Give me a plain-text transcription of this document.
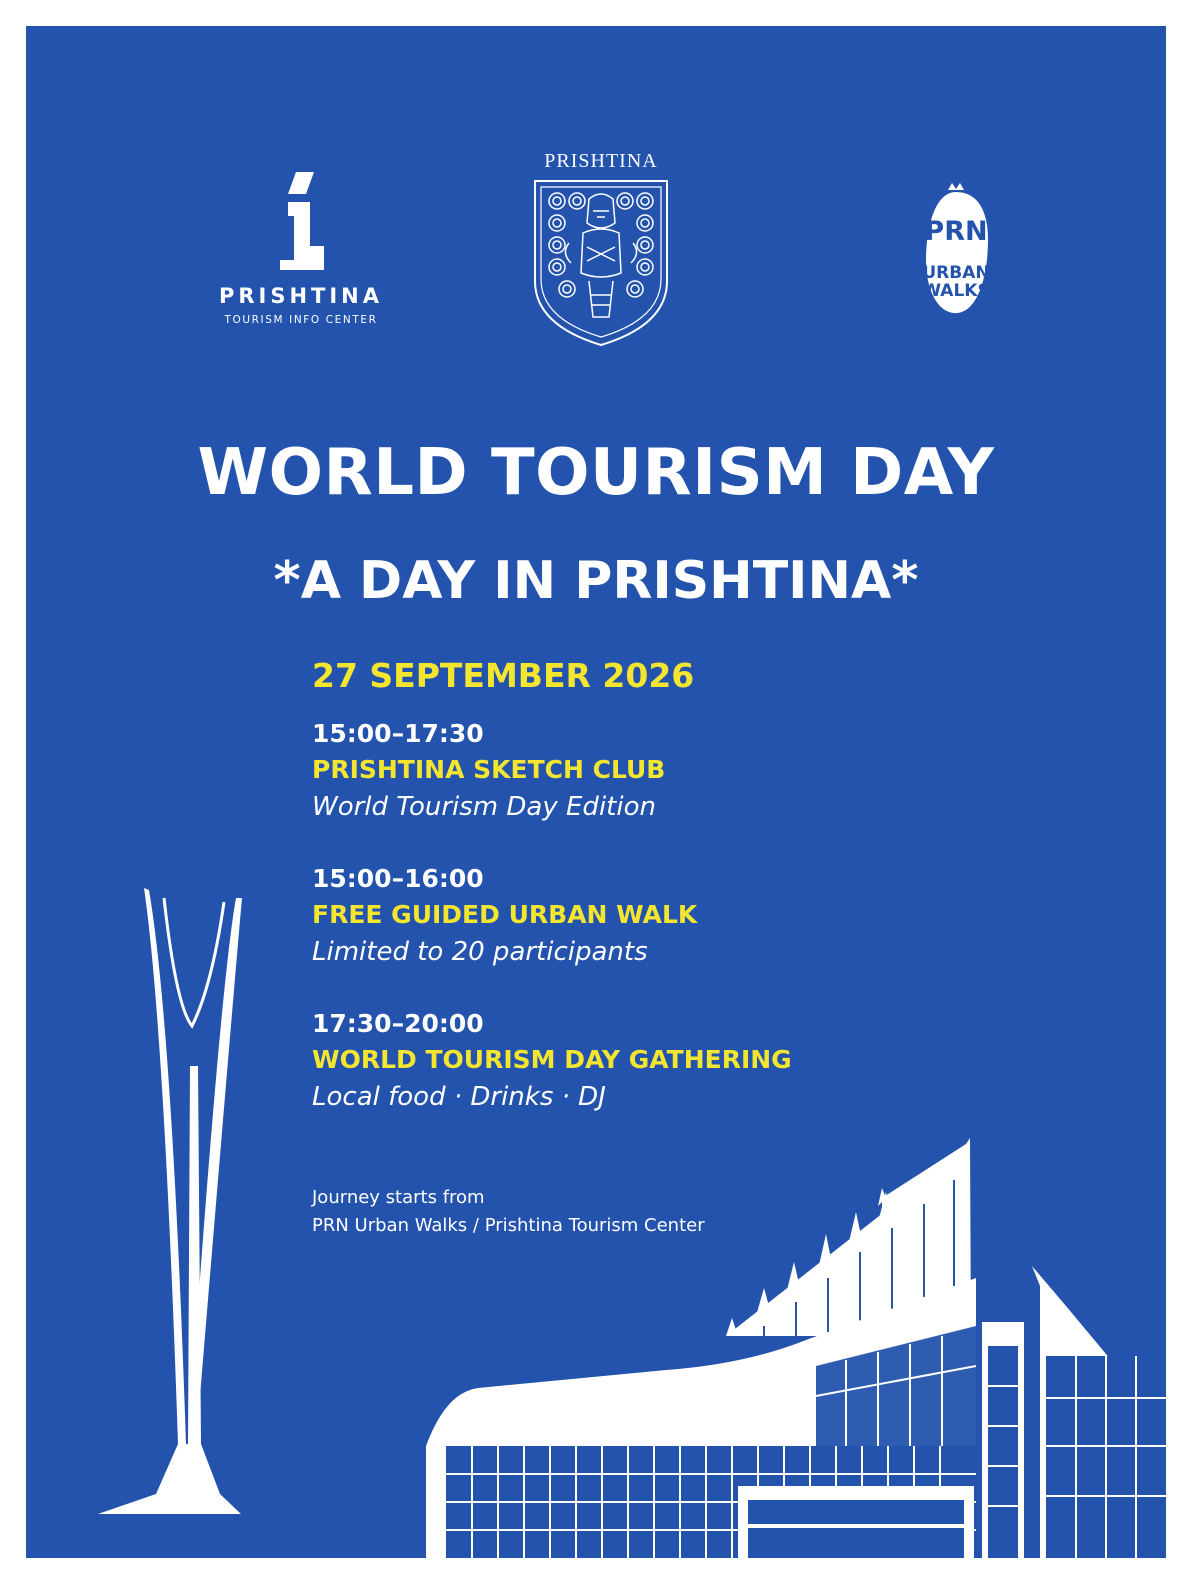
PRISHTINA
TOURISM INFO CENTER
PRISHTINA
PRN
URBAN
WALKS
WORLD TOURISM DAY
*A DAY IN PRISHTINA*
27 SEPTEMBER 2026
15:00–17:30
PRISHTINA SKETCH CLUB
World Tourism Day Edition
15:00–16:00
FREE GUIDED URBAN WALK
Limited to 20 participants
17:30–20:00
WORLD TOURISM DAY GATHERING
Local food · Drinks · DJ
Journey starts from
PRN Urban Walks / Prishtina Tourism Center
